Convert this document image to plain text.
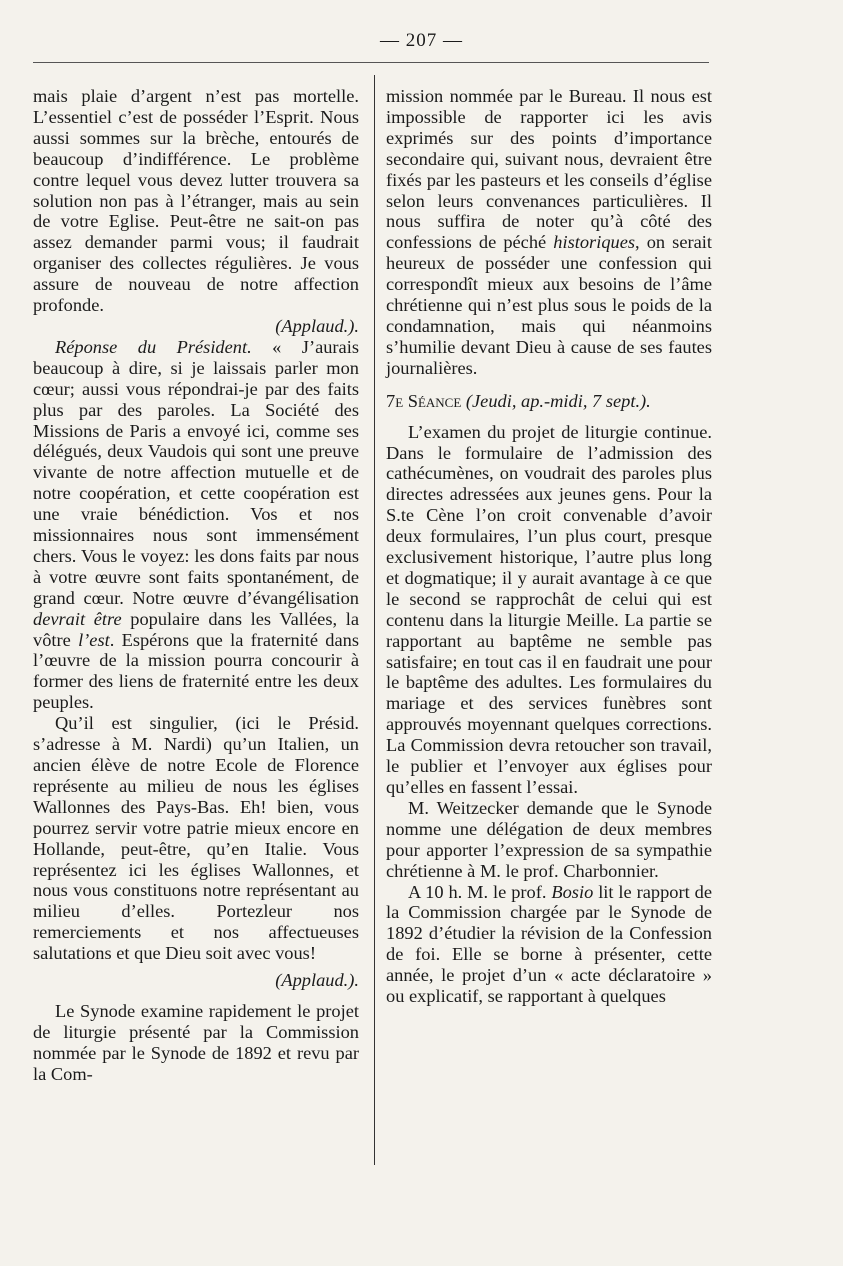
— 207 —

mais plaie d’argent n’est pas mortelle. L’essentiel c’est de posséder l’Esprit. Nous aussi sommes sur la brèche, entourés de beaucoup d’indifférence. Le problème contre lequel vous devez lutter trouvera sa solution non pas à l’étranger, mais au sein de votre Eglise. Peut-être ne sait-on pas assez demander parmi vous; il faudrait organiser des collectes régulières. Je vous assure de nouveau de notre affection profonde.

(Applaud.).

Réponse du Président. « J’aurais beaucoup à dire, si je laissais parler mon cœur; aussi vous répondrai-je par des faits plus par des paroles. La Société des Missions de Paris a envoyé ici, comme ses délégués, deux Vaudois qui sont une preuve vivante de notre affection mutuelle et de notre coopération, et cette coopération est une vraie bénédiction. Vos et nos missionnaires nous sont immensément chers. Vous le voyez: les dons faits par nous à votre œuvre sont faits spontanément, de grand cœur. Notre œuvre d’évangélisation devrait être populaire dans les Vallées, la vôtre l’est. Espérons que la fraternité dans l’œuvre de la mission pourra concourir à former des liens de fraternité entre les deux peuples.

Qu’il est singulier, (ici le Présid. s’adresse à M. Nardi) qu’un Italien, un ancien élève de notre Ecole de Florence représente au milieu de nous les églises Wallonnes des Pays-Bas. Eh! bien, vous pourrez servir votre patrie mieux encore en Hollande, peut-être, qu’en Italie. Vous représentez ici les églises Wallonnes, et nous vous constituons notre représentant au milieu d’elles. Portezleur nos remerciements et nos affectueuses salutations et que Dieu soit avec vous!

(Applaud.).

Le Synode examine rapidement le projet de liturgie présenté par la Commission nommée par le Synode de 1892 et revu par la Com-

mission nommée par le Bureau. Il nous est impossible de rapporter ici les avis exprimés sur des points d’importance secondaire qui, suivant nous, devraient être fixés par les pasteurs et les conseils d’église selon leurs convenances particulières. Il nous suffira de noter qu’à côté des confessions de péché historiques, on serait heureux de posséder une confession qui correspondît mieux aux besoins de l’âme chrétienne qui n’est plus sous le poids de la condamnation, mais qui néanmoins s’humilie devant Dieu à cause de ses fautes journalières.

7e Séance (Jeudi, ap.-midi, 7 sept.).

L’examen du projet de liturgie continue. Dans le formulaire de l’admission des cathécumènes, on voudrait des paroles plus directes adressées aux jeunes gens. Pour la S.te Cène l’on croit convenable d’avoir deux formulaires, l’un plus court, presque exclusivement historique, l’autre plus long et dogmatique; il y aurait avantage à ce que le second se rapprochât de celui qui est contenu dans la liturgie Meille. La partie se rapportant au baptême ne semble pas satisfaire; en tout cas il en faudrait une pour le baptême des adultes. Les formulaires du mariage et des services funèbres sont approuvés moyennant quelques corrections. La Commission devra retoucher son travail, le publier et l’envoyer aux églises pour qu’elles en fassent l’essai.

M. Weitzecker demande que le Synode nomme une délégation de deux membres pour apporter l’expression de sa sympathie chrétienne à M. le prof. Charbonnier.

A 10 h. M. le prof. Bosio lit le rapport de la Commission chargée par le Synode de 1892 d’étudier la révision de la Confession de foi. Elle se borne à présenter, cette année, le projet d’un « acte déclaratoire » ou explicatif, se rapportant à quelques
